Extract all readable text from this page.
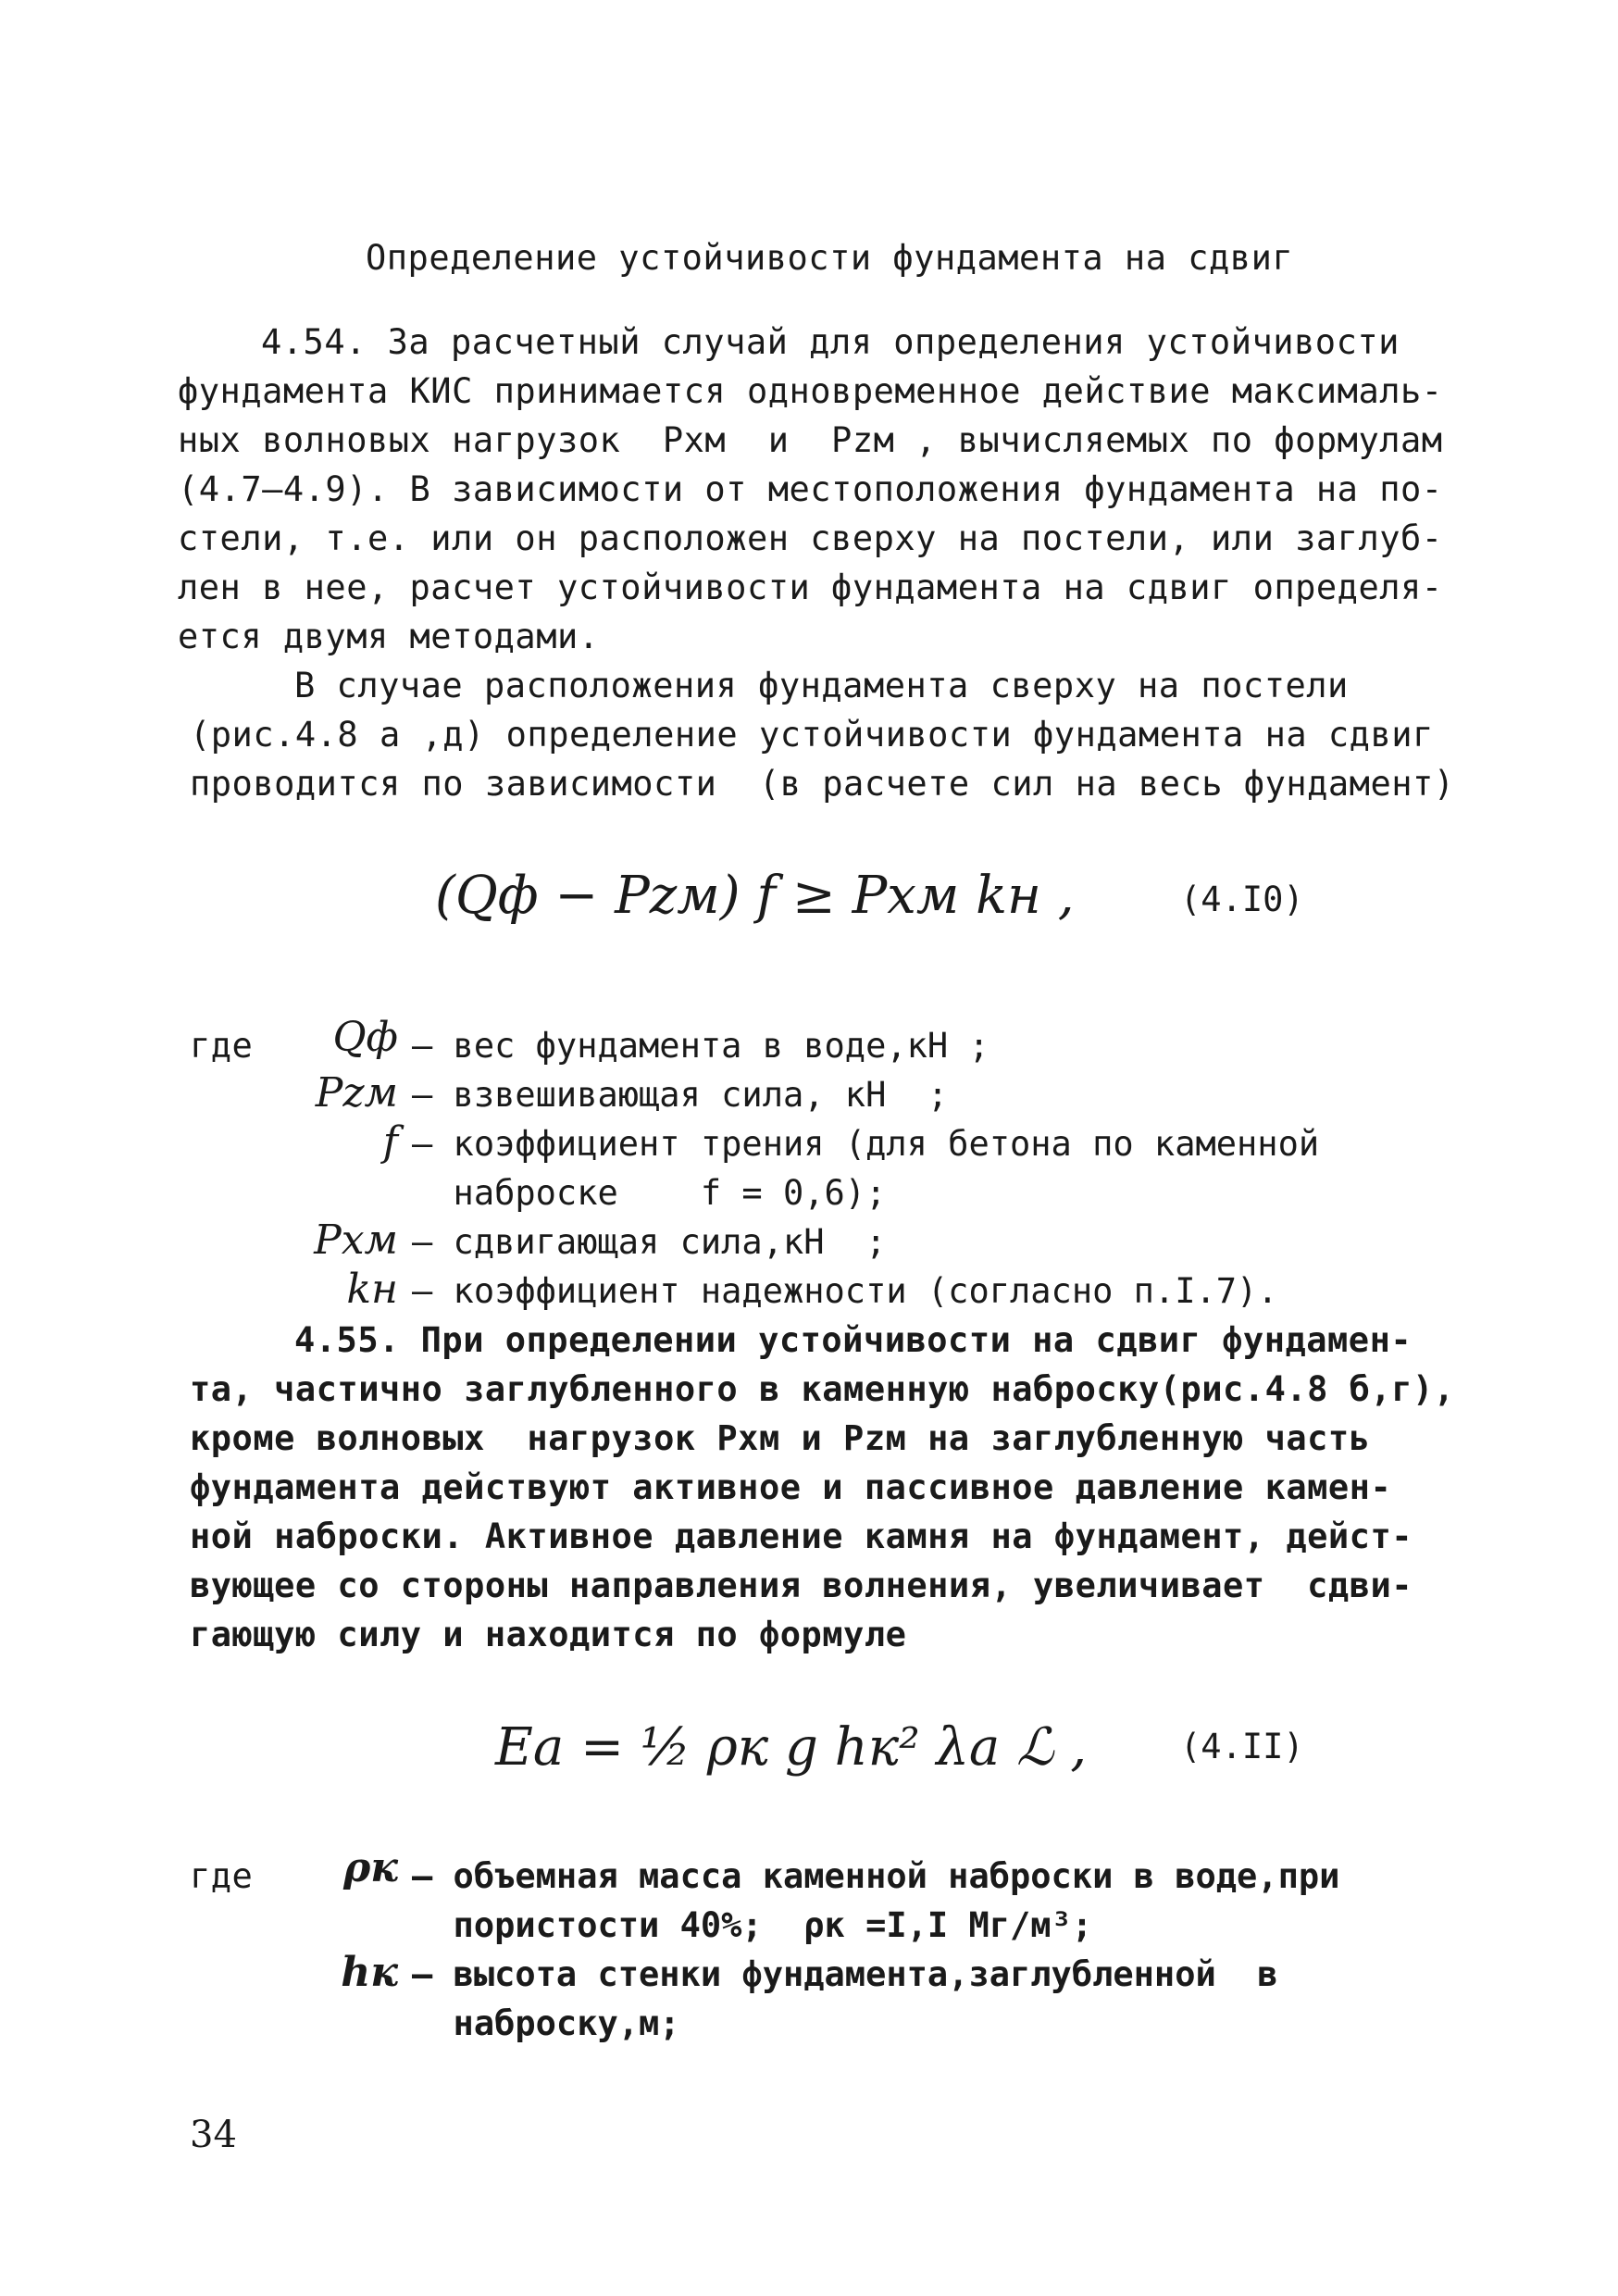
Определение устойчивости фундамента на сдвиг
4.54. За расчетный случай для определения устойчивости
фундамента КИС принимается одновременное действие максималь-
ных волновых нагрузок  Pxм  и  Pzм , вычисляемых по формулам
(4.7–4.9). В зависимости от местоположения фундамента на по-
стели, т.е. или он расположен сверху на постели, или заглуб-
лен в нее, расчет устойчивости фундамента на сдвиг определя-
ется двумя методами.
В случае расположения фундамента сверху на постели
(рис.4.8 а ,д) определение устойчивости фундамента на сдвиг
проводится по зависимости  (в расчете сил на весь фундамент)
(Qф − Pzм) f ≥ Pxм kн ,	(4.I0)
где	Qф – вес фундамента в воде,кН ;
Pzм – взвешивающая сила, кН  ;
f – коэффициент трения (для бетона по каменной
наброске    f = 0,6);
Pxм – сдвигающая сила,кН  ;
kн – коэффициент надежности (согласно п.I.7).
4.55. При определении устойчивости на сдвиг фундамен-
та, частично заглубленного в каменную наброску(рис.4.8 б,г),
кроме волновых  нагрузок Pxм и Pzм на заглубленную часть
фундамента действуют активное и пассивное давление камен-
ной наброски. Активное давление камня на фундамент, дейст-
вующее со стороны направления волнения, увеличивает  сдви-
гающую силу и находится по формуле
Eа = ½ ρк g hк² λа ℒ ,	(4.II)
где	ρк – объемная масса каменной наброски в воде,при
пористости 40%;  ρк =I,I Мг/м³;
hк – высота стенки фундамента,заглубленной  в
наброску,м;
34
